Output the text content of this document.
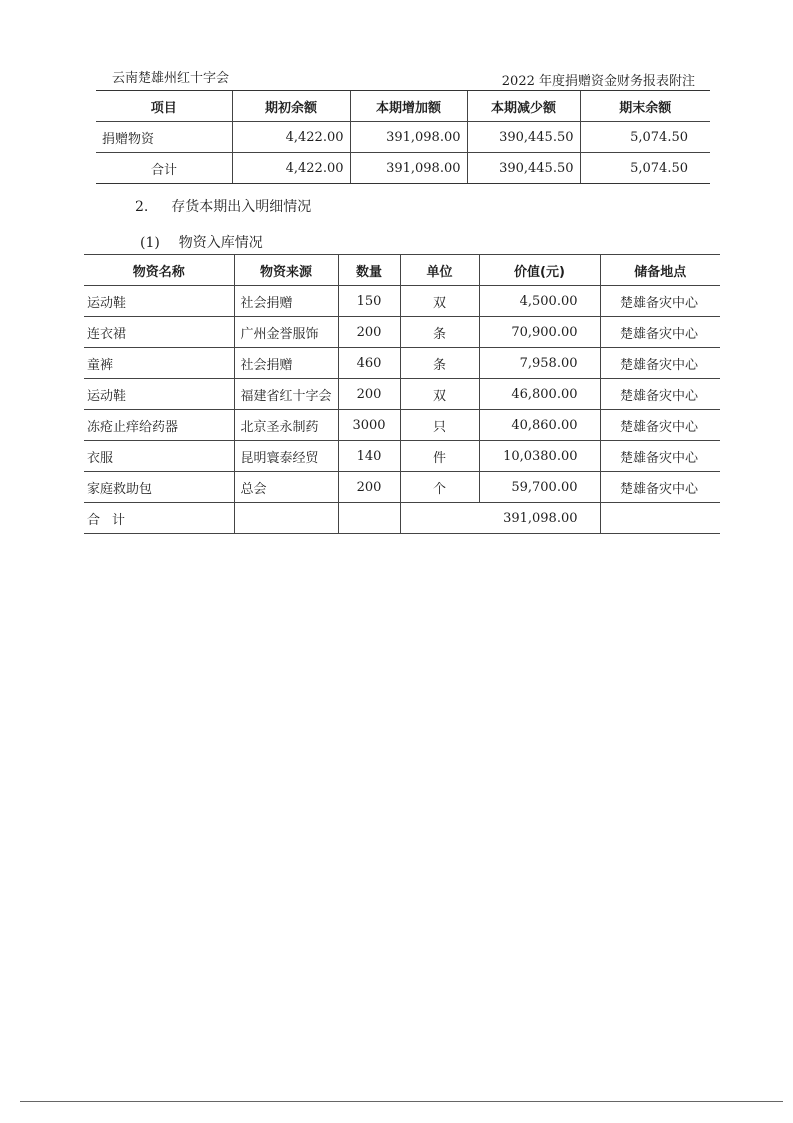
云南楚雄州红十字会	2022 年度捐赠资金财务报表附注
项目	期初余额	本期增加额	本期减少额	期末余额
捐赠物资	4,422.00	391,098.00	390,445.50	5,074.50
合计	4,422.00	391,098.00	390,445.50	5,074.50
2. 存货本期出入明细情况
(1) 物资入库情况
物资名称	物资来源	数量	单位	价值(元)	储备地点
运动鞋	社会捐赠	150	双	4,500.00	楚雄备灾中心
连衣裙	广州金誉服饰	200	条	70,900.00	楚雄备灾中心
童裤	社会捐赠	460	条	7,958.00	楚雄备灾中心
运动鞋	福建省红十字会	200	双	46,800.00	楚雄备灾中心
冻疮止痒给药器	北京圣永制药	3000	只	40,860.00	楚雄备灾中心
衣服	昆明寰泰经贸	140	件	10,0380.00	楚雄备灾中心
家庭救助包	总会	200	个	59,700.00	楚雄备灾中心
合计				391,098.00	
